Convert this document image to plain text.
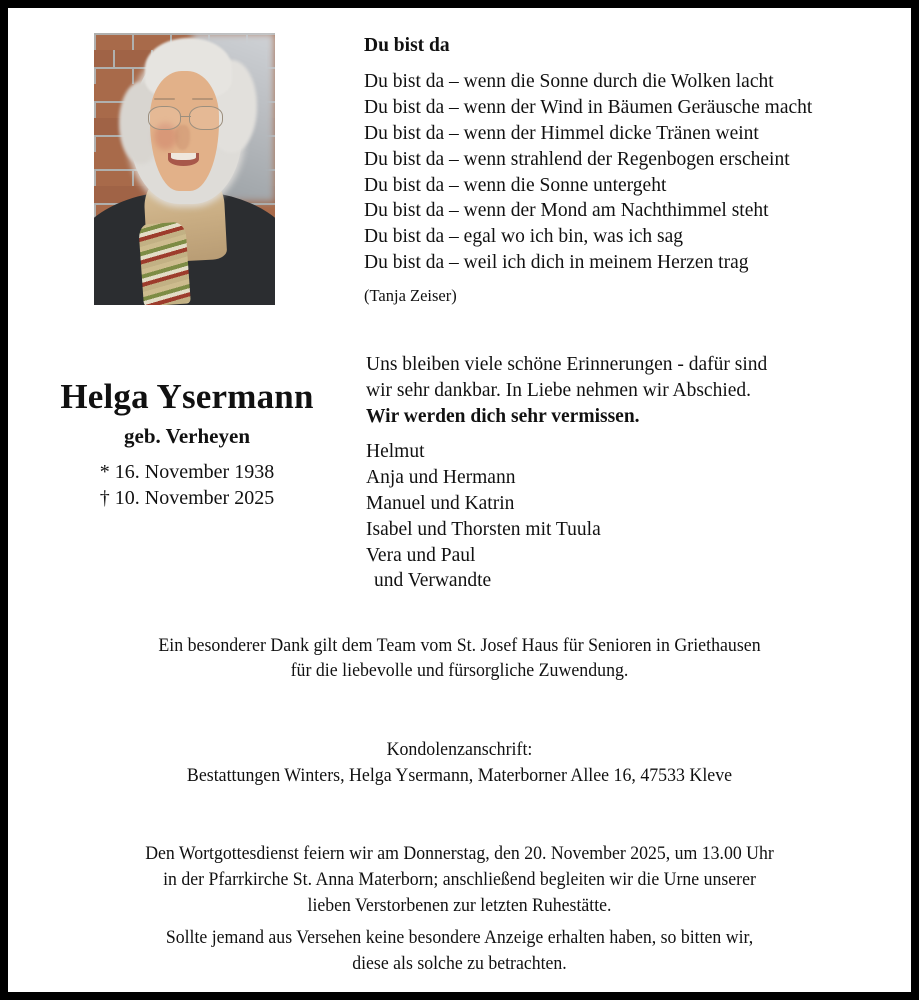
Du bist da
Du bist da – wenn die Sonne durch die Wolken lacht
Du bist da – wenn der Wind in Bäumen Geräusche macht
Du bist da – wenn der Himmel dicke Tränen weint
Du bist da – wenn strahlend der Regenbogen erscheint
Du bist da – wenn die Sonne untergeht
Du bist da – wenn der Mond am Nachthimmel steht
Du bist da – egal wo ich bin, was ich sag
Du bist da – weil ich dich in meinem Herzen trag
(Tanja Zeiser)
Helga Ysermann
geb. Verheyen
* 16. November 1938
† 10. November 2025
Uns bleiben viele schöne Erinnerungen - dafür sind
wir sehr dankbar. In Liebe nehmen wir Abschied.
Wir werden dich sehr vermissen.
Helmut
Anja und Hermann
Manuel und Katrin
Isabel und Thorsten mit Tuula
Vera und Paul
und Verwandte
Ein besonderer Dank gilt dem Team vom St. Josef Haus für Senioren in Griethausen
für die liebevolle und fürsorgliche Zuwendung.
Kondolenzanschrift:
Bestattungen Winters, Helga Ysermann, Materborner Allee 16, 47533 Kleve
Den Wortgottesdienst feiern wir am Donnerstag, den 20. November 2025, um 13.00 Uhr
in der Pfarrkirche St. Anna Materborn; anschließend begleiten wir die Urne unserer
lieben Verstorbenen zur letzten Ruhestätte.
Sollte jemand aus Versehen keine besondere Anzeige erhalten haben, so bitten wir,
diese als solche zu betrachten.
